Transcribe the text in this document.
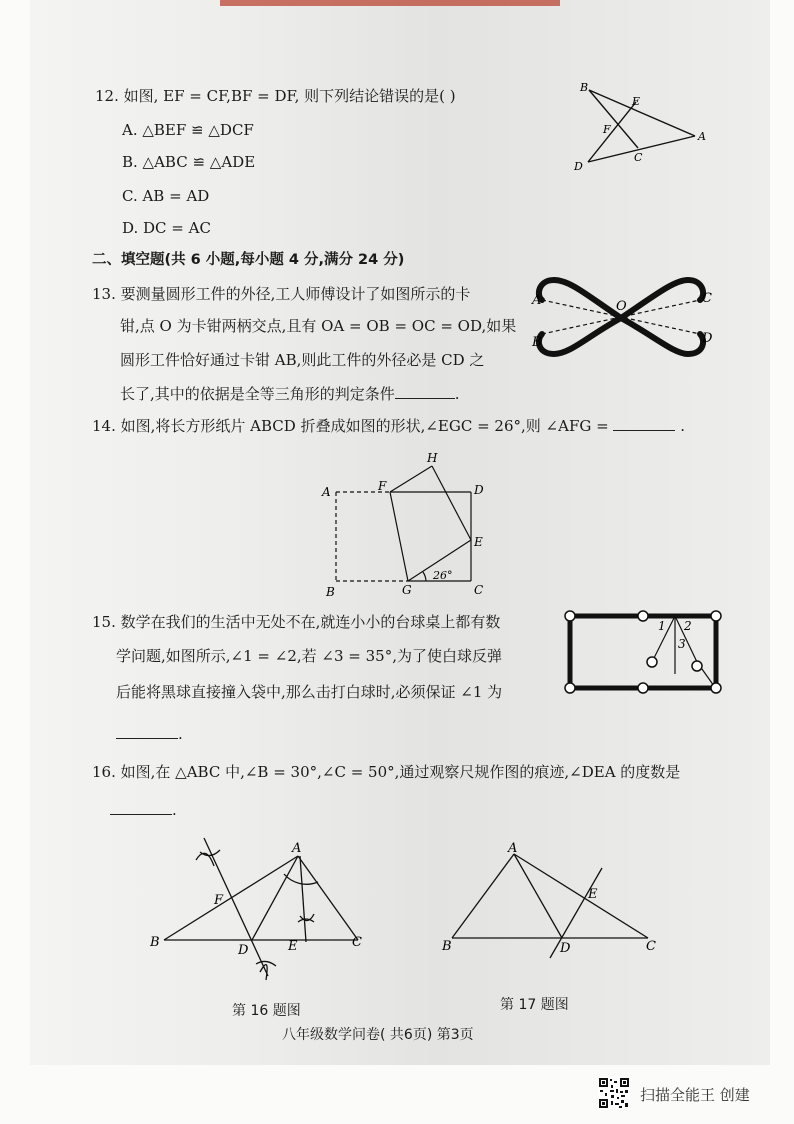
12. 如图, EF = CF,BF = DF, 则下列结论错误的是( )
A. △BEF ≌ △DCF
B. △ABC ≌ △ADE
C. AB = AD
D. DC = AC
B
E
F
A
D
C
二、填空题(共 6 小题,每小题 4 分,满分 24 分)
13. 要测量圆形工件的外径,工人师傅设计了如图所示的卡
钳,点 O 为卡钳两柄交点,且有 OA = OB = OC = OD,如果
圆形工件恰好通过卡钳 AB,则此工件的外径必是 CD 之
长了,其中的依据是全等三角形的判定条件	.
A	O
C
B	D
14. 如图,将长方形纸片 ABCD 折叠成如图的形状,∠EGC = 26°,则 ∠AFG =	.
A	F
H
D
E
B	G	C
26°
15. 数学在我们的生活中无处不在,就连小小的台球桌上都有数
学问题,如图所示,∠1 = ∠2,若 ∠3 = 35°,为了使白球反弹
后能将黑球直接撞入袋中,那么击打白球时,必须保证 ∠1 为
.
1 2
3
16. 如图,在 △ABC 中,∠B = 30°,∠C = 50°,通过观察尺规作图的痕迹,∠DEA 的度数是
.
A
F
B
D	E	C
A
E
B	D	C
第 16 题图	第 17 题图
八年级数学问卷( 共6页) 第3页
扫描全能王 创建
